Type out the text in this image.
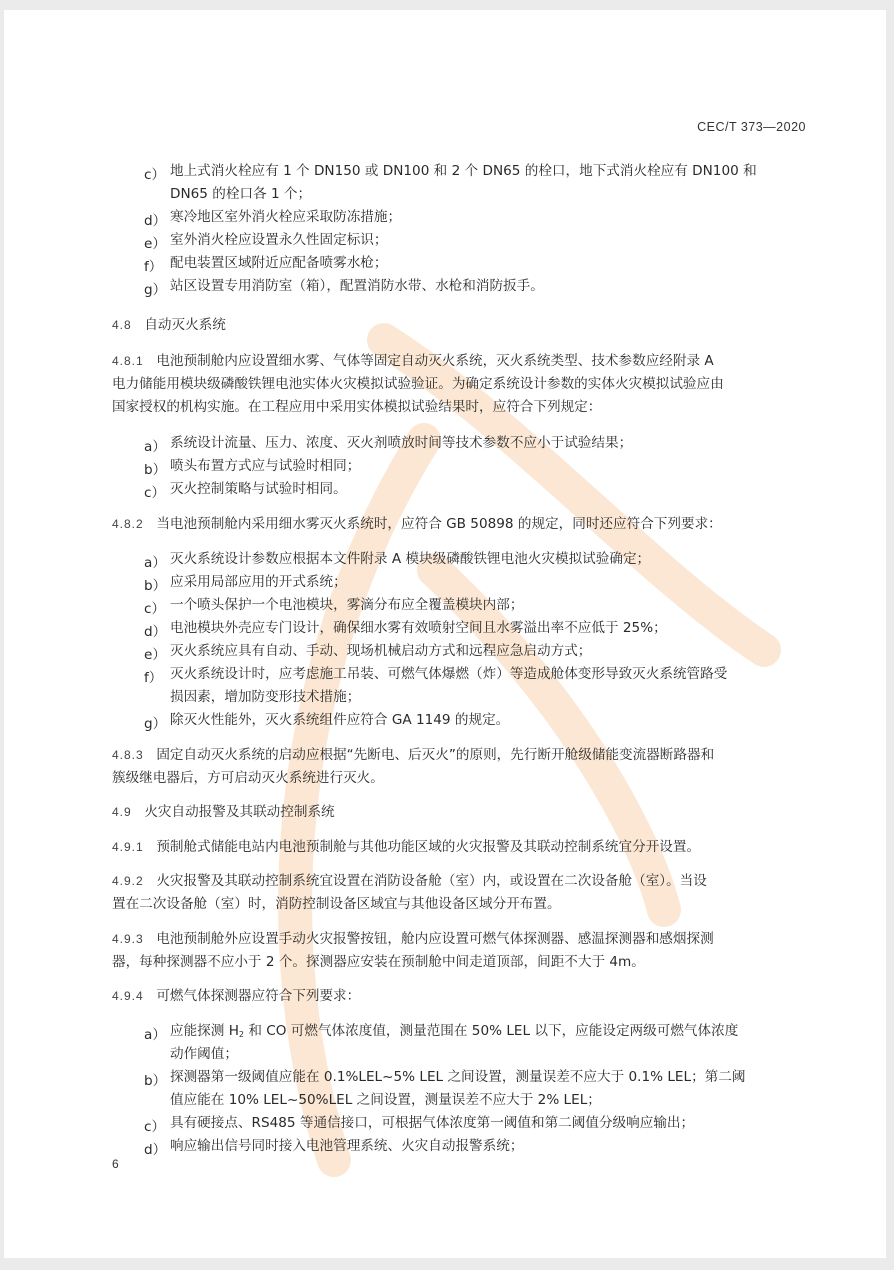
CEC/T 373—2020
c） 地上式消火栓应有 1 个 DN150 或 DN100 和 2 个 DN65 的栓口，地下式消火栓应有 DN100 和
DN65 的栓口各 1 个；
d） 寒冷地区室外消火栓应采取防冻措施；
e） 室外消火栓应设置永久性固定标识；
f） 配电装置区域附近应配备喷雾水枪；
g） 站区设置专用消防室（箱），配置消防水带、水枪和消防扳手。
4.8 自动灭火系统
4.8.1 电池预制舱内应设置细水雾、气体等固定自动灭火系统，灭火系统类型、技术参数应经附录 A
电力储能用模块级磷酸铁锂电池实体火灾模拟试验验证。为确定系统设计参数的实体火灾模拟试验应由
国家授权的机构实施。在工程应用中采用实体模拟试验结果时，应符合下列规定：
a） 系统设计流量、压力、浓度、灭火剂喷放时间等技术参数不应小于试验结果；
b） 喷头布置方式应与试验时相同；
c） 灭火控制策略与试验时相同。
4.8.2 当电池预制舱内采用细水雾灭火系统时，应符合 GB 50898 的规定，同时还应符合下列要求：
a） 灭火系统设计参数应根据本文件附录 A 模块级磷酸铁锂电池火灾模拟试验确定；
b） 应采用局部应用的开式系统；
c） 一个喷头保护一个电池模块，雾滴分布应全覆盖模块内部；
d） 电池模块外壳应专门设计，确保细水雾有效喷射空间且水雾溢出率不应低于 25%；
e） 灭火系统应具有自动、手动、现场机械启动方式和远程应急启动方式；
f） 灭火系统设计时，应考虑施工吊装、可燃气体爆燃（炸）等造成舱体变形导致灭火系统管路受
损因素，增加防变形技术措施；
g） 除灭火性能外，灭火系统组件应符合 GA 1149 的规定。
4.8.3 固定自动灭火系统的启动应根据“先断电、后灭火”的原则，先行断开舱级储能变流器断路器和
簇级继电器后，方可启动灭火系统进行灭火。
4.9 火灾自动报警及其联动控制系统
4.9.1 预制舱式储能电站内电池预制舱与其他功能区域的火灾报警及其联动控制系统宜分开设置。
4.9.2 火灾报警及其联动控制系统宜设置在消防设备舱（室）内，或设置在二次设备舱（室）。当设
置在二次设备舱（室）时，消防控制设备区域宜与其他设备区域分开布置。
4.9.3 电池预制舱外应设置手动火灾报警按钮，舱内应设置可燃气体探测器、感温探测器和感烟探测
器，每种探测器不应小于 2 个。探测器应安装在预制舱中间走道顶部，间距不大于 4m。
4.9.4 可燃气体探测器应符合下列要求：
a） 应能探测 $H_2$ 和 CO 可燃气体浓度值，测量范围在 50% LEL 以下，应能设定两级可燃气体浓度
动作阈值；
b） 探测器第一级阈值应能在 0.1%LEL~5% LEL 之间设置，测量误差不应大于 0.1% LEL；第二阈
值应能在 10% LEL~50%LEL 之间设置，测量误差不应大于 2% LEL；
c） 具有硬接点、RS485 等通信接口，可根据气体浓度第一阈值和第二阈值分级响应输出；
d） 响应输出信号同时接入电池管理系统、火灾自动报警系统；
6
